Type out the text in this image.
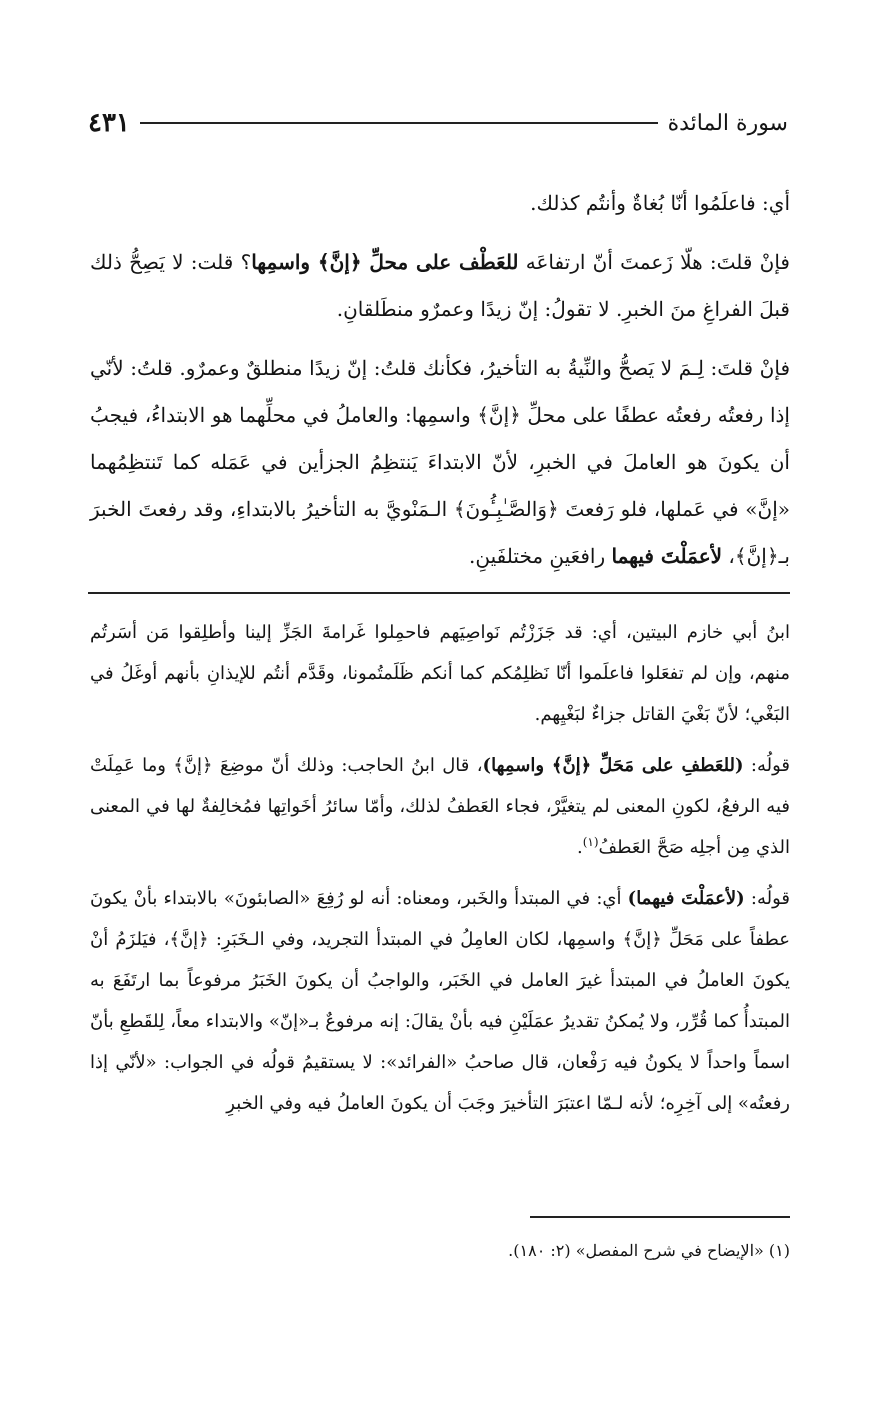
سورة المائدة
٤٣١

أي: فاعلَمُوا أنّا بُغاةٌ وأنتُم كذلك.

فإنْ قلتَ: هلّا زَعمتَ أنّ ارتفاعَه للعَطْف على محلِّ ﴿إنَّ﴾ واسمِها؟ قلت: لا يَصِحُّ ذلك قبلَ الفراغِ منَ الخبرِ. لا تقولُ: إنّ زيدًا وعمرٌو منطَلقانِ.

فإنْ قلتَ: لِـمَ لا يَصحُّ والنِّيةُ به التأخيرُ، فكأنك قلتُ: إنّ زيدًا منطلقٌ وعمرٌو. قلتُ: لأنّي إذا رفعتُه رفعتُه عطفًا على محلِّ ﴿إنَّ﴾ واسمِها: والعاملُ في محلِّهما هو الابتداءُ، فيجبُ أن يكونَ هو العاملَ في الخبرِ، لأنّ الابتداءَ يَنتظِمُ الجزأين في عَمَله كما تَنتظِمُهما «إنَّ» في عَملها، فلو رَفعتَ ﴿وَالصَّـٰبِـُٔونَ﴾ الـمَنْويَّ به التأخيرُ بالابتداءِ، وقد رفعتَ الخبرَ بـ﴿إنَّ﴾، لأعمَلْتَ فيهما رافعَينِ مختلفَينِ.

ابنُ أبي خازم البيتين، أي: قد جَزَزْتُم نَواصِيَهم فاحمِلوا غَرامةَ الجَزِّ إلينا وأطلِقوا مَن أسَرتُم منهم، وإن لم تفعَلوا فاعلَموا أنّا نَظلِمُكم كما أنكم ظَلَمتُمونا، وقَدَّم أنتُم للإيذانِ بأنهم أوغَلُ في البَغْي؛ لأنّ بَغْيَ القاتل جزاءٌ لبَغْيِهم.

قولُه: (للعَطفِ على مَحَلِّ ﴿إنَّ﴾ واسمِها)، قال ابنُ الحاجب: وذلك أنّ موضِعَ ﴿إنَّ﴾ وما عَمِلَتْ فيه الرفعُ، لكونِ المعنى لم يتغيَّرْ، فجاء العَطفُ لذلك، وأمّا سائرُ أخَواتِها فمُخالِفةٌ لها في المعنى الذي مِن أجلِه صَحَّ العَطفُ$^{(١)}$.

قولُه: (لأعمَلْتَ فيهما) أي: في المبتدأ والخَبر، ومعناه: أنه لو رُفِعَ «الصابئونَ» بالابتداء بأنْ يكونَ عطفاً على مَحَلِّ ﴿إنَّ﴾ واسمِها، لكان العامِلُ في المبتدأ التجريد، وفي الـخَبَرِ: ﴿إنَّ﴾، فيَلزَمُ أنْ يكونَ العاملُ في المبتدأ غيرَ العامل في الخَبَر، والواجبُ أن يكونَ الخَبَرُ مرفوعاً بما ارتَفَعَ به المبتدأُ كما قُرِّر، ولا يُمكنُ تقديرُ عمَلَيْنِ فيه بأنْ يقالَ: إنه مرفوعٌ بـ«إنّ» والابتداء معاً، لِلقَطعِ بأنّ اسماً واحداً لا يكونُ فيه رَفْعان، قال صاحبُ «الفرائد»: لا يستقيمُ قولُه في الجواب: «لأنّي إذا رفعتُه» إلى آخِرِه؛ لأنه لـمّا اعتبَرَ التأخيرَ وجَبَ أن يكونَ العاملُ فيه وفي الخبرِ

(١) «الإيضاح في شرح المفصل» (٢: ١٨٠).
